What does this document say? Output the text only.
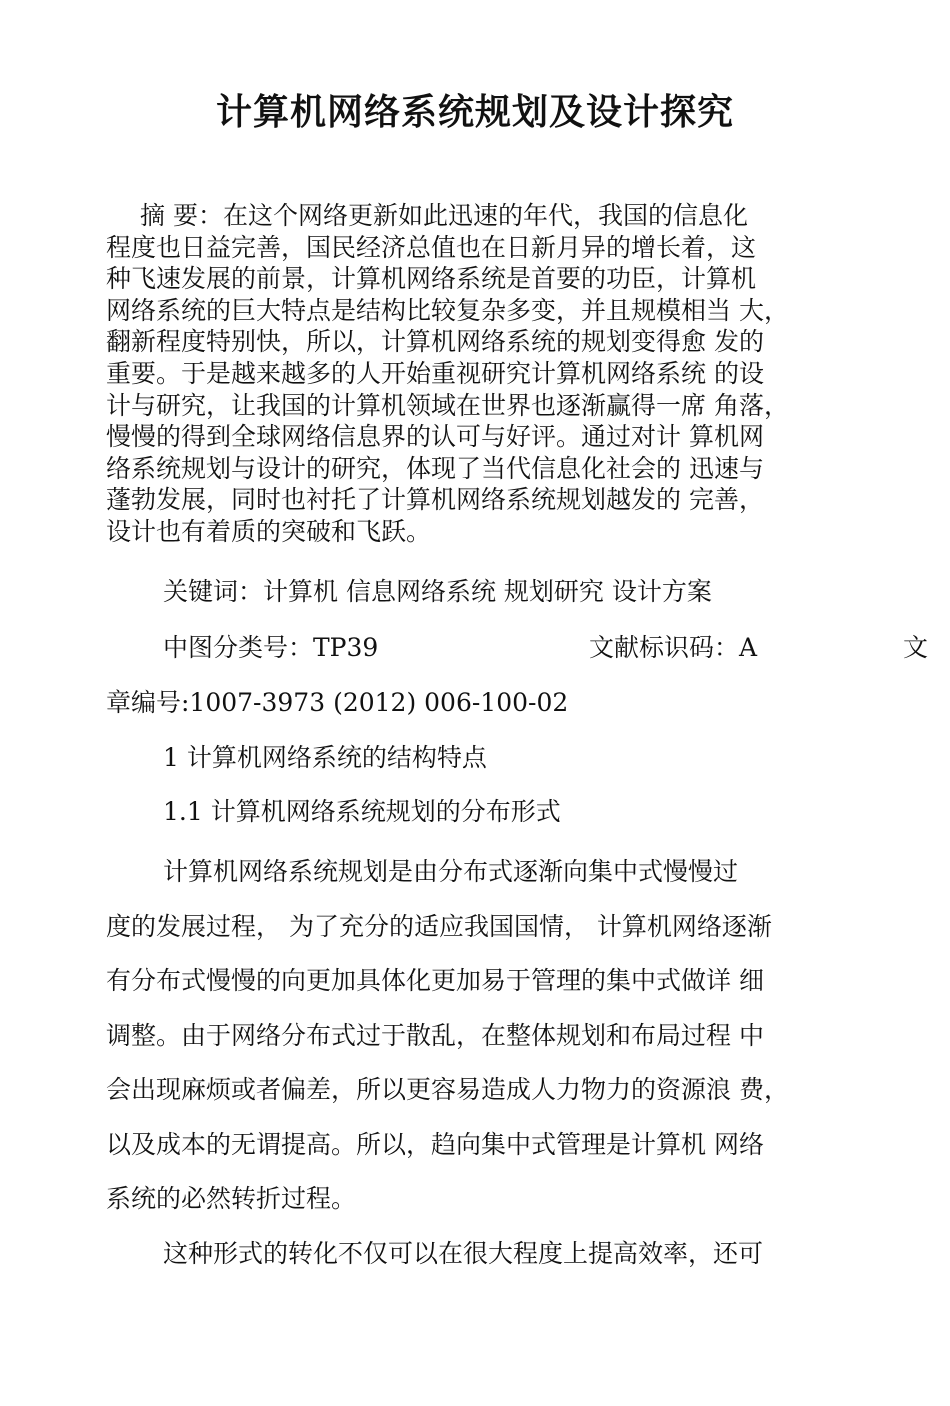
计算机网络系统规划及设计探究
摘 要：在这个网络更新如此迅速的年代，我国的信息化
程度也日益完善，国民经济总值也在日新月异的增长着，这
种飞速发展的前景，计算机网络系统是首要的功臣，计算机
网络系统的巨大特点是结构比较复杂多变，并且规模相当 大，
翻新程度特别快，所以，计算机网络系统的规划变得愈 发的
重要。于是越来越多的人开始重视研究计算机网络系统 的设
计与研究，让我国的计算机领域在世界也逐渐赢得一席 角落，
慢慢的得到全球网络信息界的认可与好评。通过对计 算机网
络系统规划与设计的研究，体现了当代信息化社会的 迅速与
蓬勃发展，同时也衬托了计算机网络系统规划越发的 完善，
设计也有着质的突破和飞跃。
关键词：计算机 信息网络系统 规划研究 设计方案
中图分类号：TP39	文献标识码：A	文
章编号:1007-3973 (2012) 006-100-02
1 计算机网络系统的结构特点
1.1 计算机网络系统规划的分布形式
计算机网络系统规划是由分布式逐渐向集中式慢慢过
度的发展过程， 为了充分的适应我国国情， 计算机网络逐渐
有分布式慢慢的向更加具体化更加易于管理的集中式做详 细
调整。由于网络分布式过于散乱，在整体规划和布局过程 中
会出现麻烦或者偏差，所以更容易造成人力物力的资源浪 费，
以及成本的无谓提高。所以，趋向集中式管理是计算机 网络
系统的必然转折过程。
这种形式的转化不仅可以在很大程度上提高效率，还可
